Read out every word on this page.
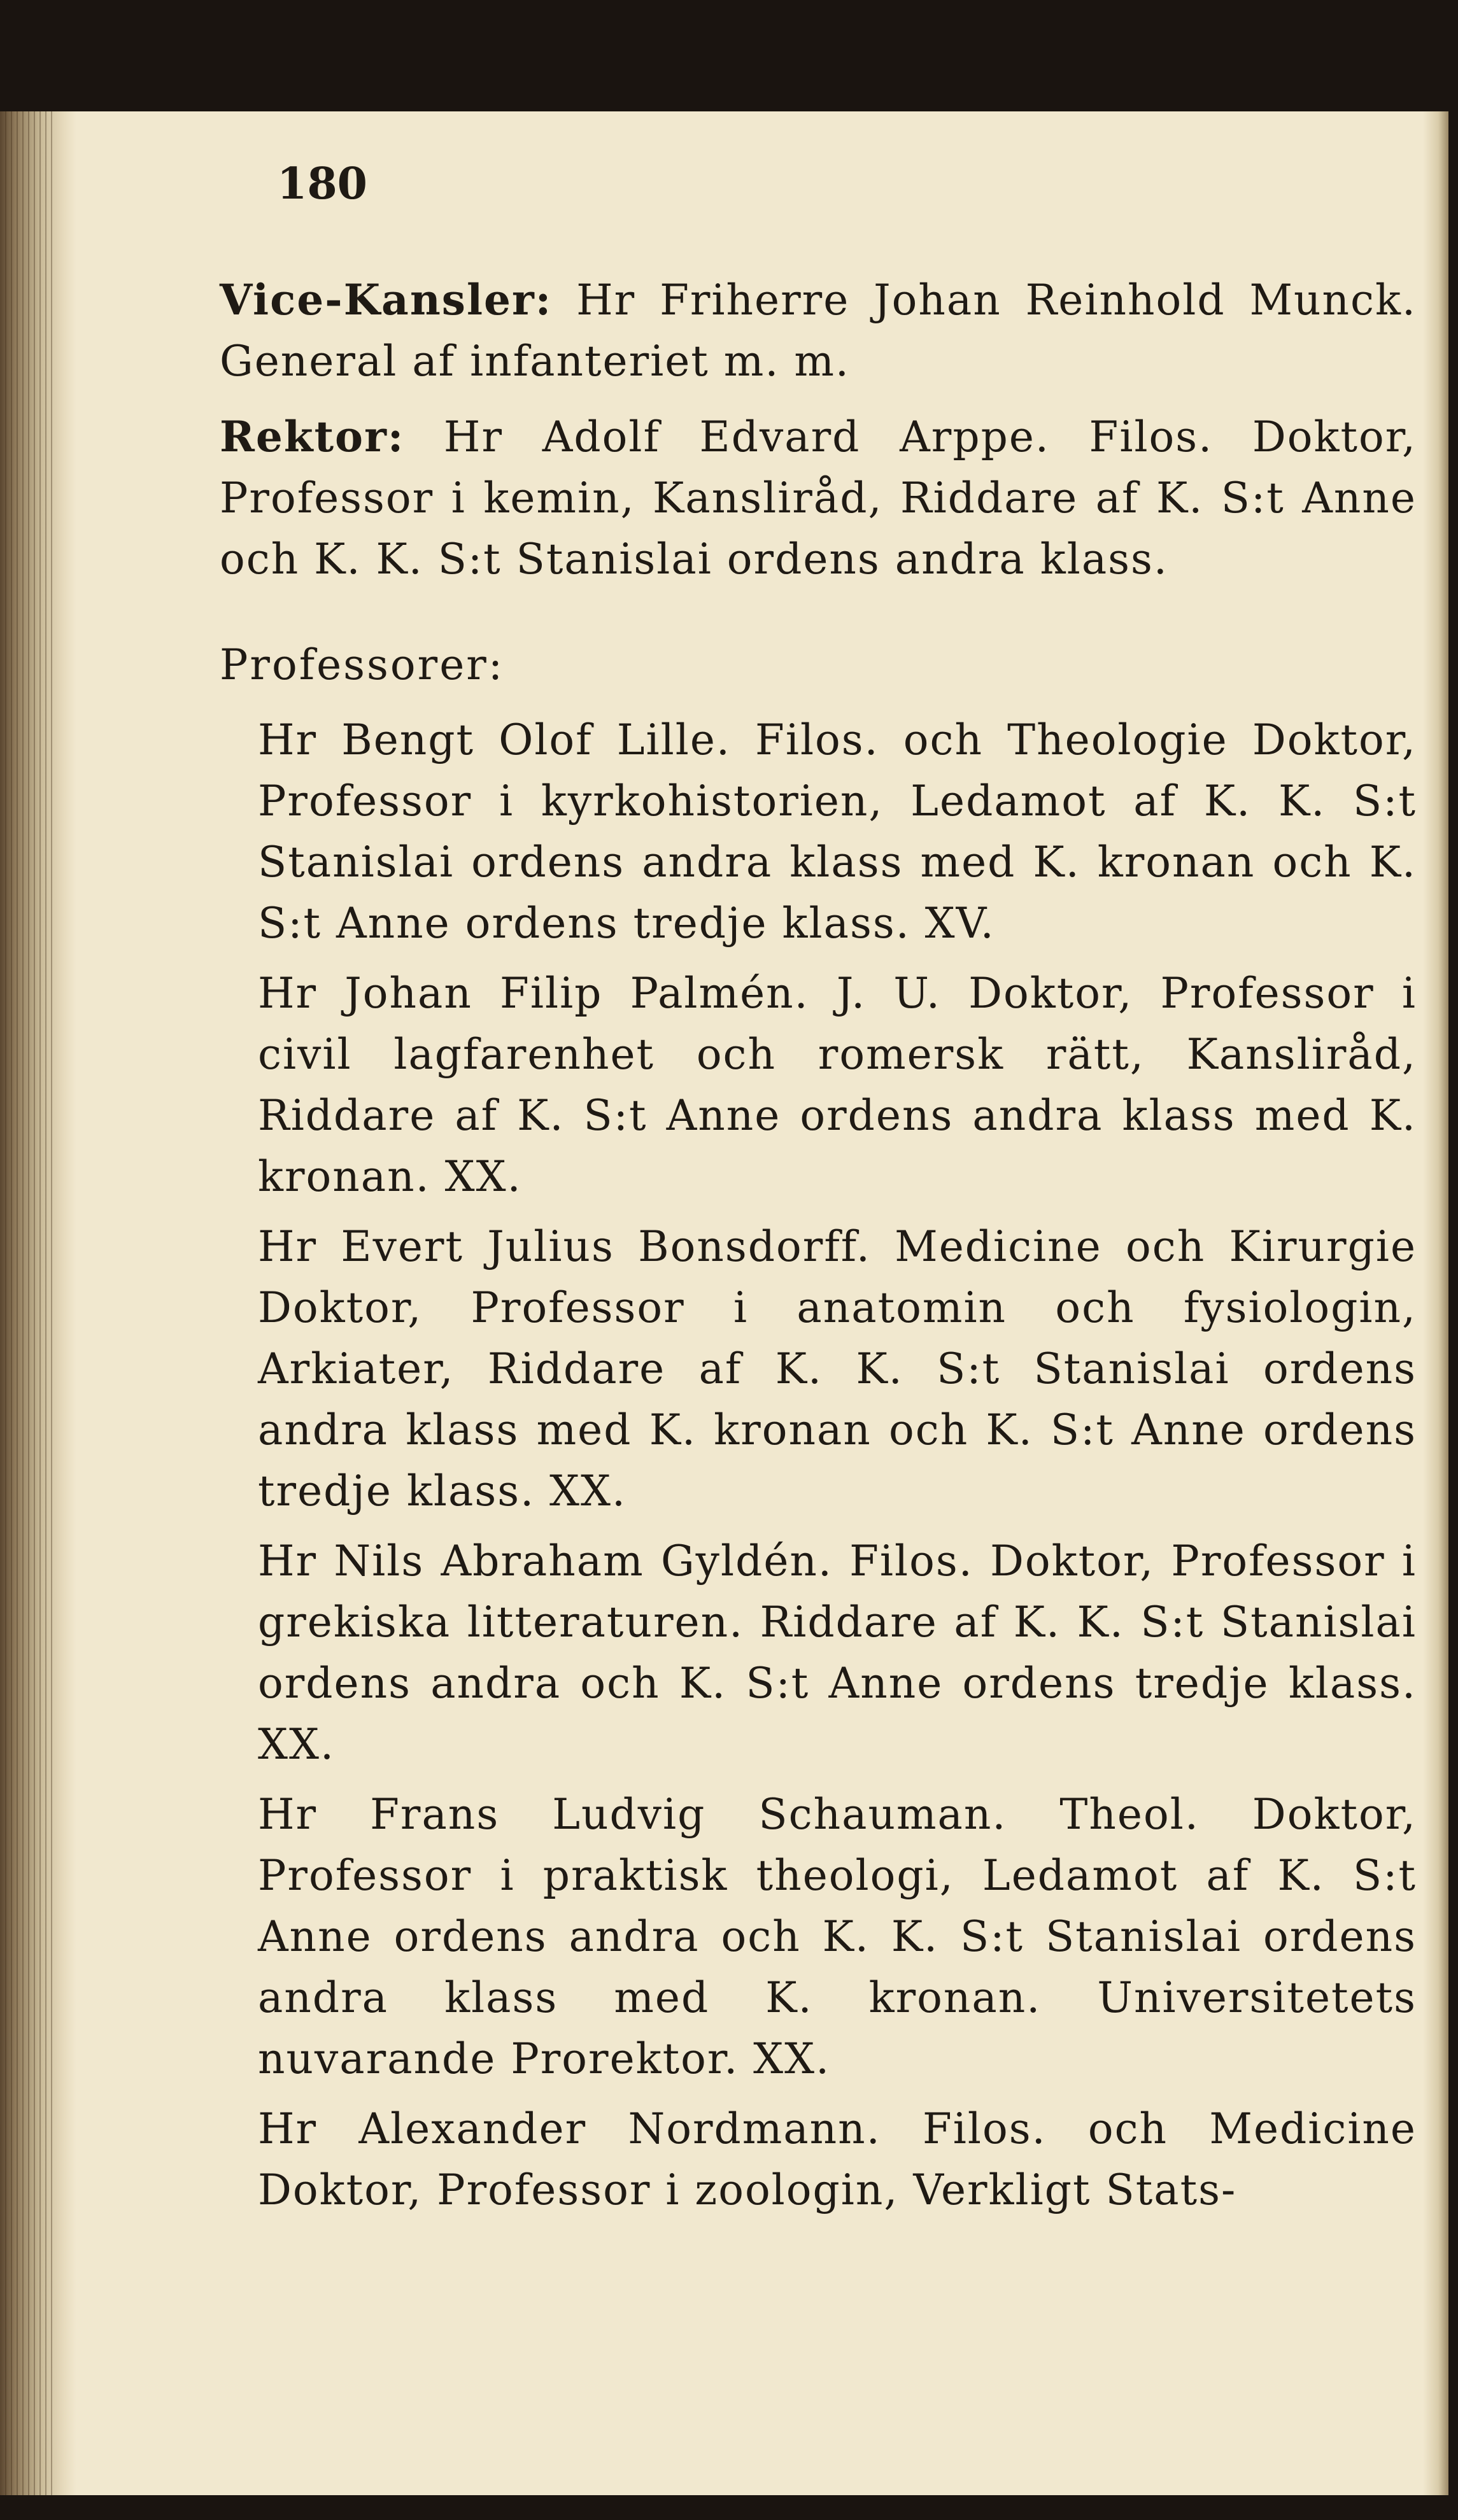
180

Vice-Kansler: Hr Friherre Johan Reinhold Munck. General af infanteriet m. m.

Rektor: Hr Adolf Edvard Arppe. Filos. Doktor, Professor i kemin, Kansliråd, Riddare af K. S:t Anne och K. K. S:t Stanislai ordens andra klass.

Professorer:

Hr Bengt Olof Lille. Filos. och Theologie Doktor, Professor i kyrkohistorien, Ledamot af K. K. S:t Stanislai ordens andra klass med K. kronan och K. S:t Anne ordens tredje klass. XV.

Hr Johan Filip Palmén. J. U. Doktor, Professor i civil lagfarenhet och romersk rätt, Kansliråd, Riddare af K. S:t Anne ordens andra klass med K. kronan. XX.

Hr Evert Julius Bonsdorff. Medicine och Kirurgie Doktor, Professor i anatomin och fysiologin, Arkiater, Riddare af K. K. S:t Stanislai ordens andra klass med K. kronan och K. S:t Anne ordens tredje klass. XX.

Hr Nils Abraham Gyldén. Filos. Doktor, Professor i grekiska litteraturen. Riddare af K. K. S:t Stanislai ordens andra och K. S:t Anne ordens tredje klass. XX.

Hr Frans Ludvig Schauman. Theol. Doktor, Professor i praktisk theologi, Ledamot af K. S:t Anne ordens andra och K. K. S:t Stanislai ordens andra klass med K. kronan. Universitetets nuvarande Prorektor. XX.

Hr Alexander Nordmann. Filos. och Medicine Doktor, Professor i zoologin, Verkligt Stats-
